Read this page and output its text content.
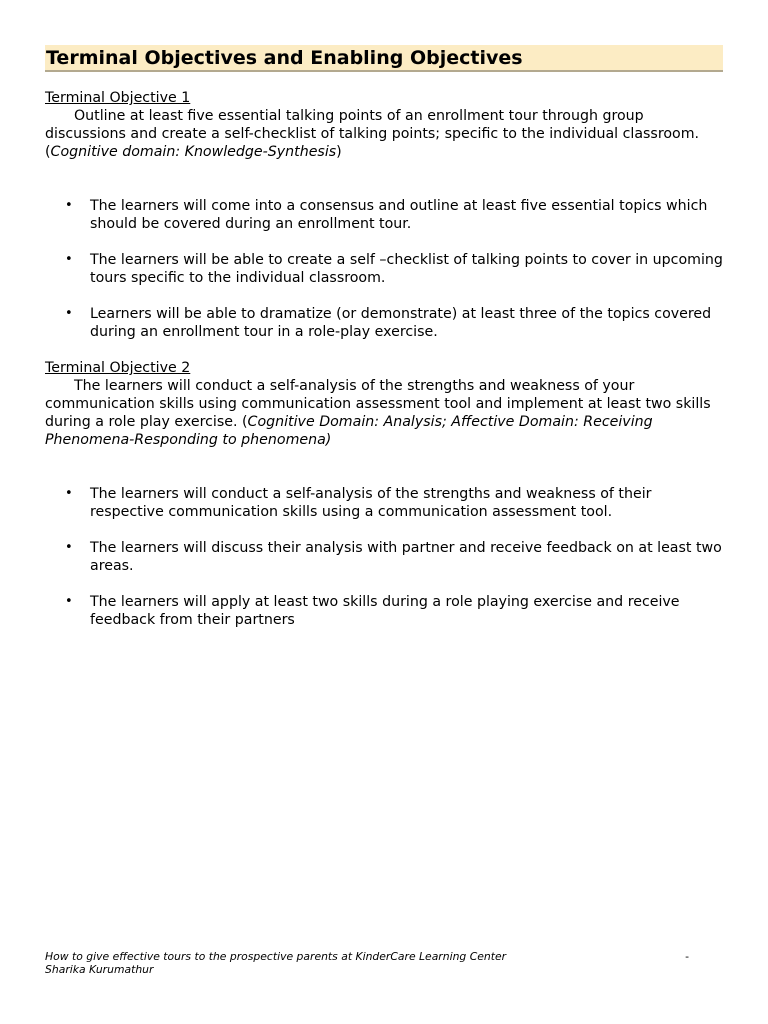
Terminal Objectives and Enabling Objectives
Terminal Objective 1

Outline at least five essential talking points of an enrollment tour through group discussions and create a self-checklist of talking points; specific to the individual classroom. (Cognitive domain: Knowledge-Synthesis)

• The learners will come into a consensus and outline at least five essential topics which should be covered during an enrollment tour.
• The learners will be able to create a self –checklist of talking points to cover in upcoming tours specific to the individual classroom.
• Learners will be able to dramatize (or demonstrate) at least three of the topics covered during an enrollment tour in a role-play exercise.
Terminal Objective 2

The learners will conduct a self-analysis of the strengths and weakness of your communication skills using communication assessment tool and implement at least two skills during a role play exercise. (Cognitive Domain: Analysis; Affective Domain: Receiving Phenomena-Responding to phenomena)

• The learners will conduct a self-analysis of the strengths and weakness of their respective communication skills using a communication assessment tool.
• The learners will discuss their analysis with partner and receive feedback on at least two areas.
• The learners will apply at least two skills during a role playing exercise and receive feedback from their partners
How to give effective tours to the prospective parents at KinderCare Learning Center	-
Sharika Kurumathur
